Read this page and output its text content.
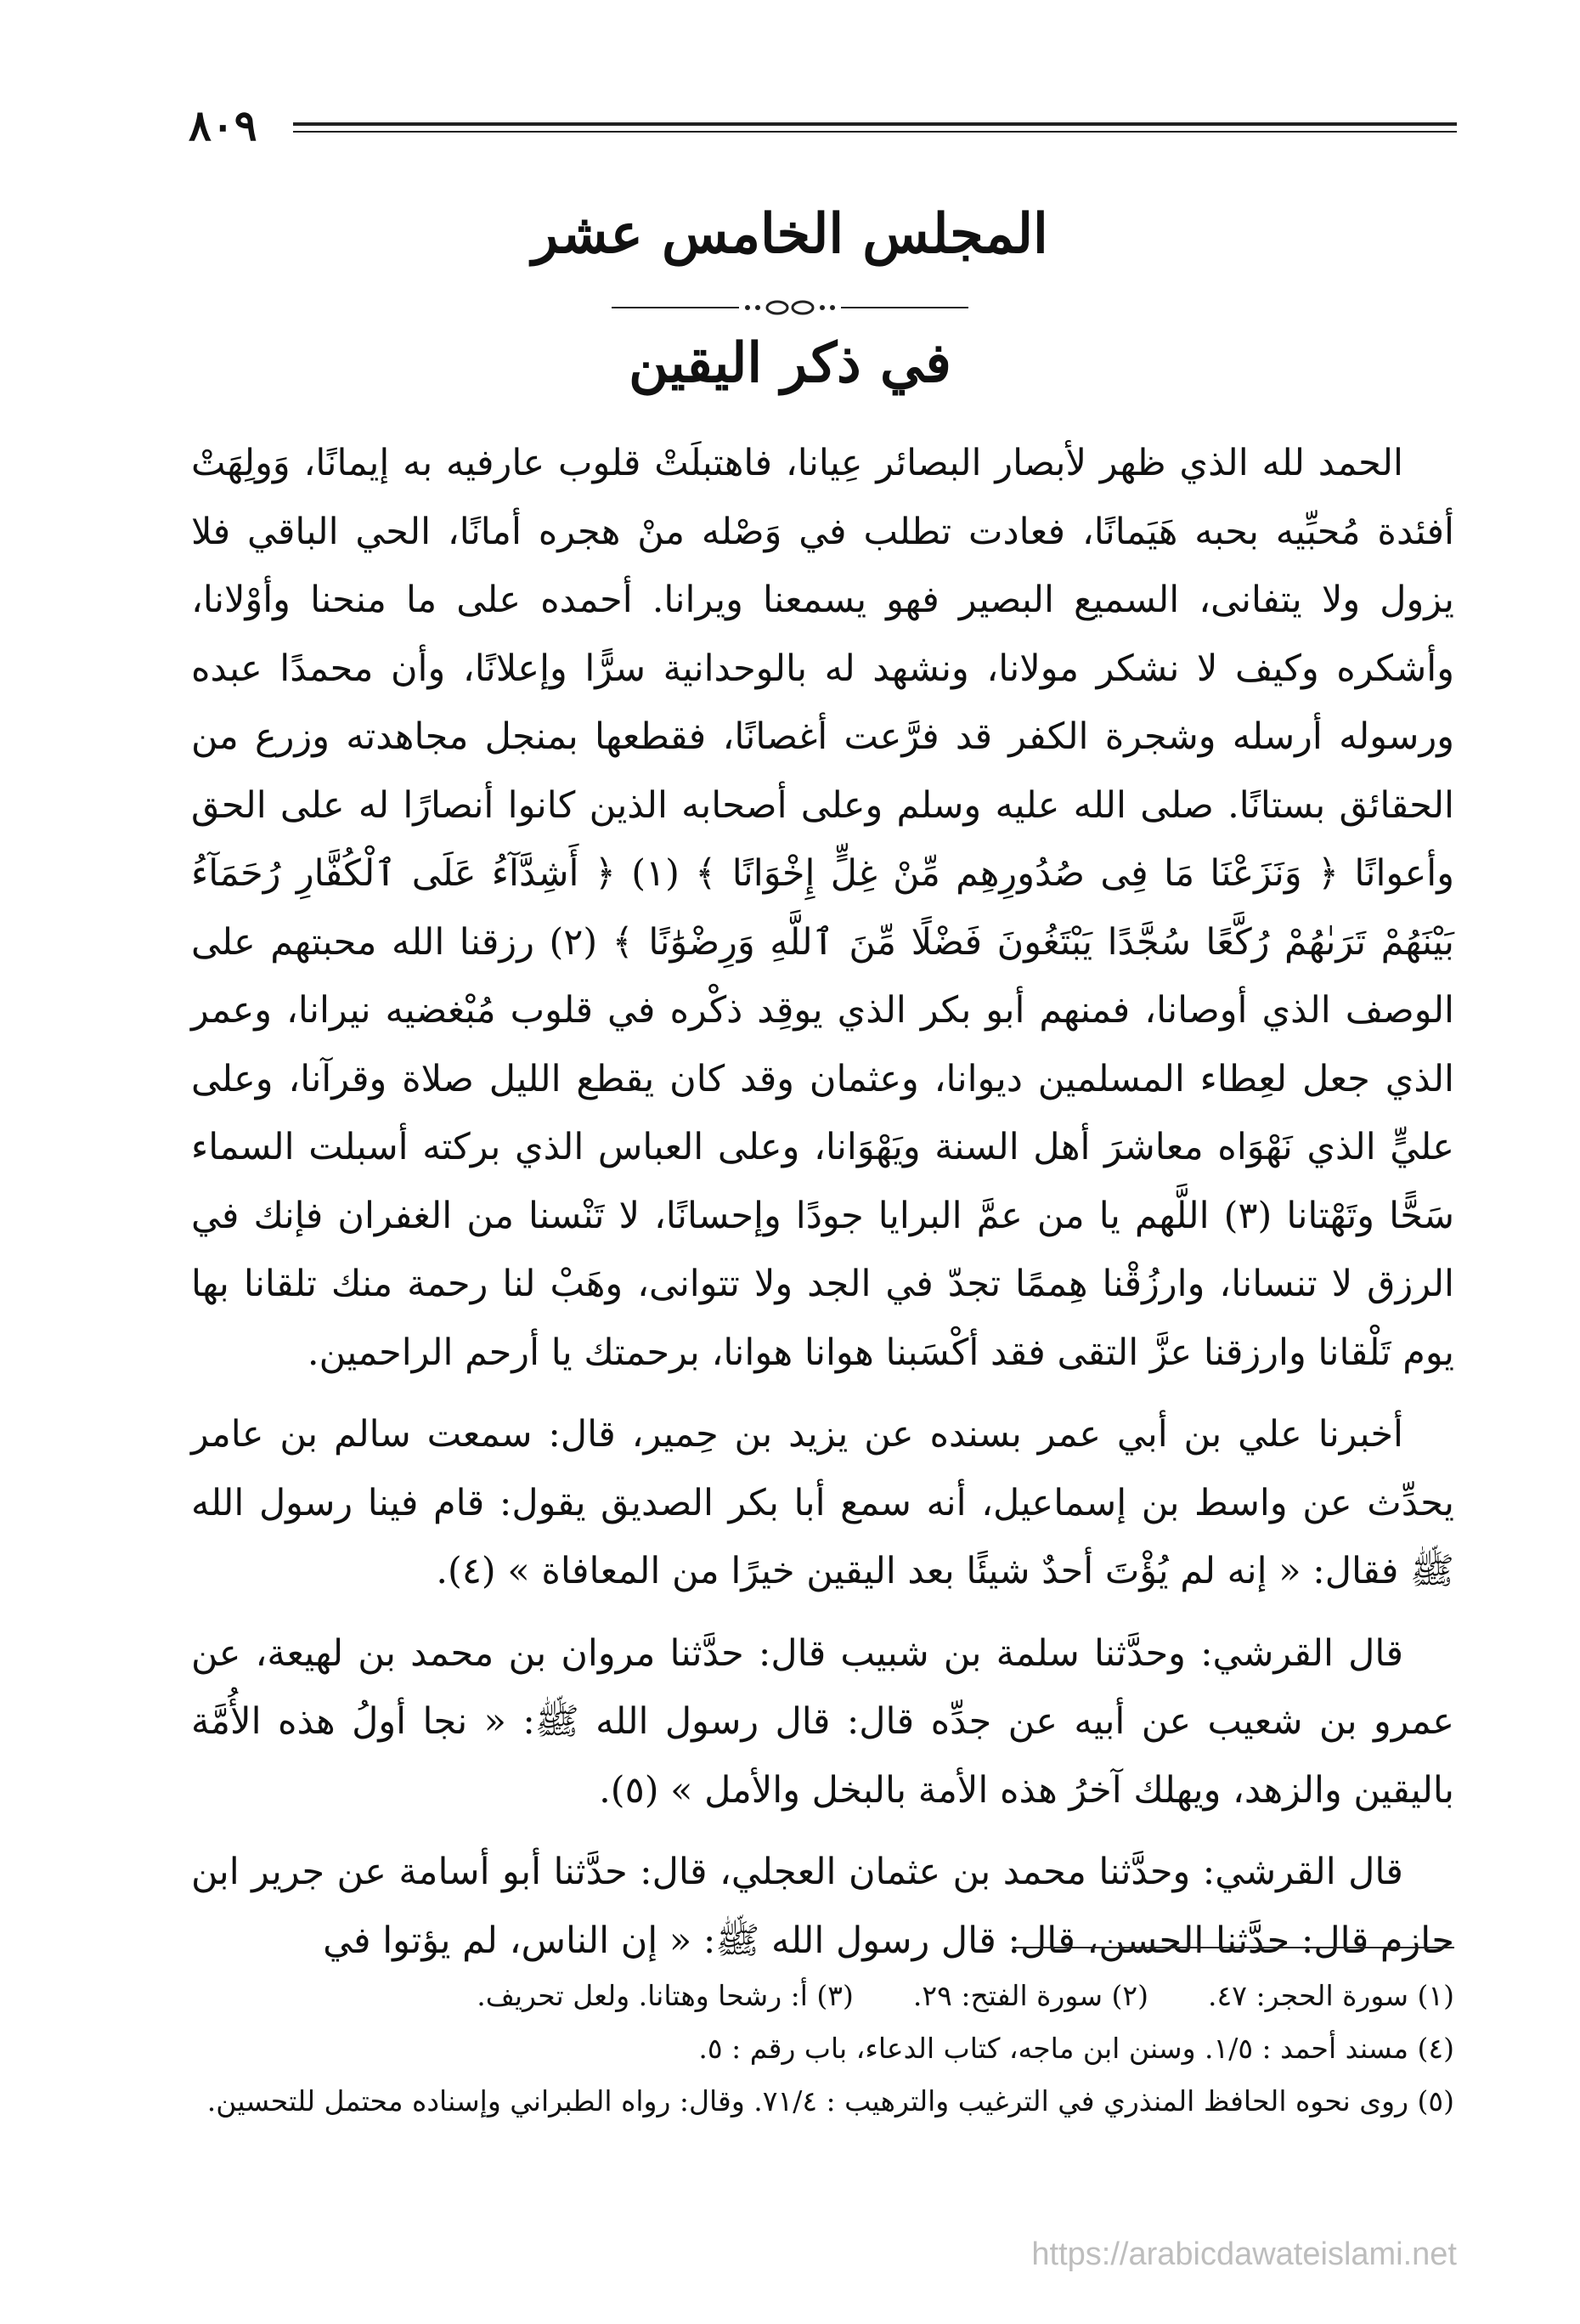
٨٠٩
المجلس الخامس عشر
في ذكر اليقين

الحمد لله الذي ظهر لأبصار البصائر عِيانا، فاهتبلَتْ قلوب عارفيه به إيمانًا، وَولِهَتْ أفئدة مُحبِّيه بحبه هَيَمانًا، فعادت تطلب في وَصْله منْ هجره أمانًا، الحي الباقي فلا يزول ولا يتفانى، السميع البصير فهو يسمعنا ويرانا. أحمده على ما منحنا وأوْلانا، وأشكره وكيف لا نشكر مولانا، ونشهد له بالوحدانية سرًّا وإعلانًا، وأن محمدًا عبده ورسوله أرسله وشجرة الكفر قد فرَّعت أغصانًا، فقطعها بمنجل مجاهدته وزرع من الحقائق بستانًا. صلى الله عليه وسلم وعلى أصحابه الذين كانوا أنصارًا له على الحق وأعوانًا ﴿ وَنَزَعْنَا مَا فِى صُدُورِهِم مِّنْ غِلٍّ إِخْوَانًا ﴾ (١) ﴿ أَشِدَّآءُ عَلَى ٱلْكُفَّارِ رُحَمَآءُ بَيْنَهُمْ تَرَىٰهُمْ رُكَّعًا سُجَّدًا يَبْتَغُونَ فَضْلًا مِّنَ ٱللَّهِ وَرِضْوَٰنًا ﴾ (٢) رزقنا الله محبتهم على الوصف الذي أوصانا، فمنهم أبو بكر الذي يوقِد ذكْره في قلوب مُبْغضيه نيرانا، وعمر الذي جعل لعِطاء المسلمين ديوانا، وعثمان وقد كان يقطع الليل صلاة وقرآنا، وعلى عليٍّ الذي نَهْوَاه معاشرَ أهل السنة ويَهْوَانا، وعلى العباس الذي بركته أسبلت السماء سَحًّا وتَهْتانا (٣) اللَّهم يا من عمَّ البرايا جودًا وإحسانًا، لا تَنْسنا من الغفران فإنك في الرزق لا تنسانا، وارزُقْنا هِممًا تجدّ في الجد ولا تتوانى، وهَبْ لنا رحمة منك تلقانا بها يوم تَلْقانا وارزقنا عزَّ التقى فقد أكْسَبنا هوانا هوانا، برحمتك يا أرحم الراحمين.

أخبرنا علي بن أبي عمر بسنده عن يزيد بن حِمير، قال: سمعت سالم بن عامر يحدِّث عن واسط بن إسماعيل، أنه سمع أبا بكر الصديق يقول: قام فينا رسول الله ﷺ فقال: « إنه لم يُؤْتَ أحدٌ شيئًا بعد اليقين خيرًا من المعافاة » (٤).

قال القرشي: وحدَّثنا سلمة بن شبيب قال: حدَّثنا مروان بن محمد بن لهيعة، عن عمرو بن شعيب عن أبيه عن جدِّه قال: قال رسول الله ﷺ: « نجا أولُ هذه الأُمَّة باليقين والزهد، ويهلك آخرُ هذه الأمة بالبخل والأمل » (٥).

قال القرشي: وحدَّثنا محمد بن عثمان العجلي، قال: حدَّثنا أبو أسامة عن جرير ابن حازم قال: حدَّثنا الحسن، قال: قال رسول الله ﷺ: « إن الناس، لم يؤتوا في

(١) سورة الحجر: ٤٧.
(٢) سورة الفتح: ٢٩.
(٣) أ: رشحا وهتانا. ولعل تحريف.
(٤) مسند أحمد : ١/٥. وسنن ابن ماجه، كتاب الدعاء، باب رقم : ٥.
(٥) روى نحوه الحافظ المنذري في الترغيب والترهيب : ٧١/٤. وقال: رواه الطبراني وإسناده محتمل للتحسين.
https://arabicdawateislami.net
